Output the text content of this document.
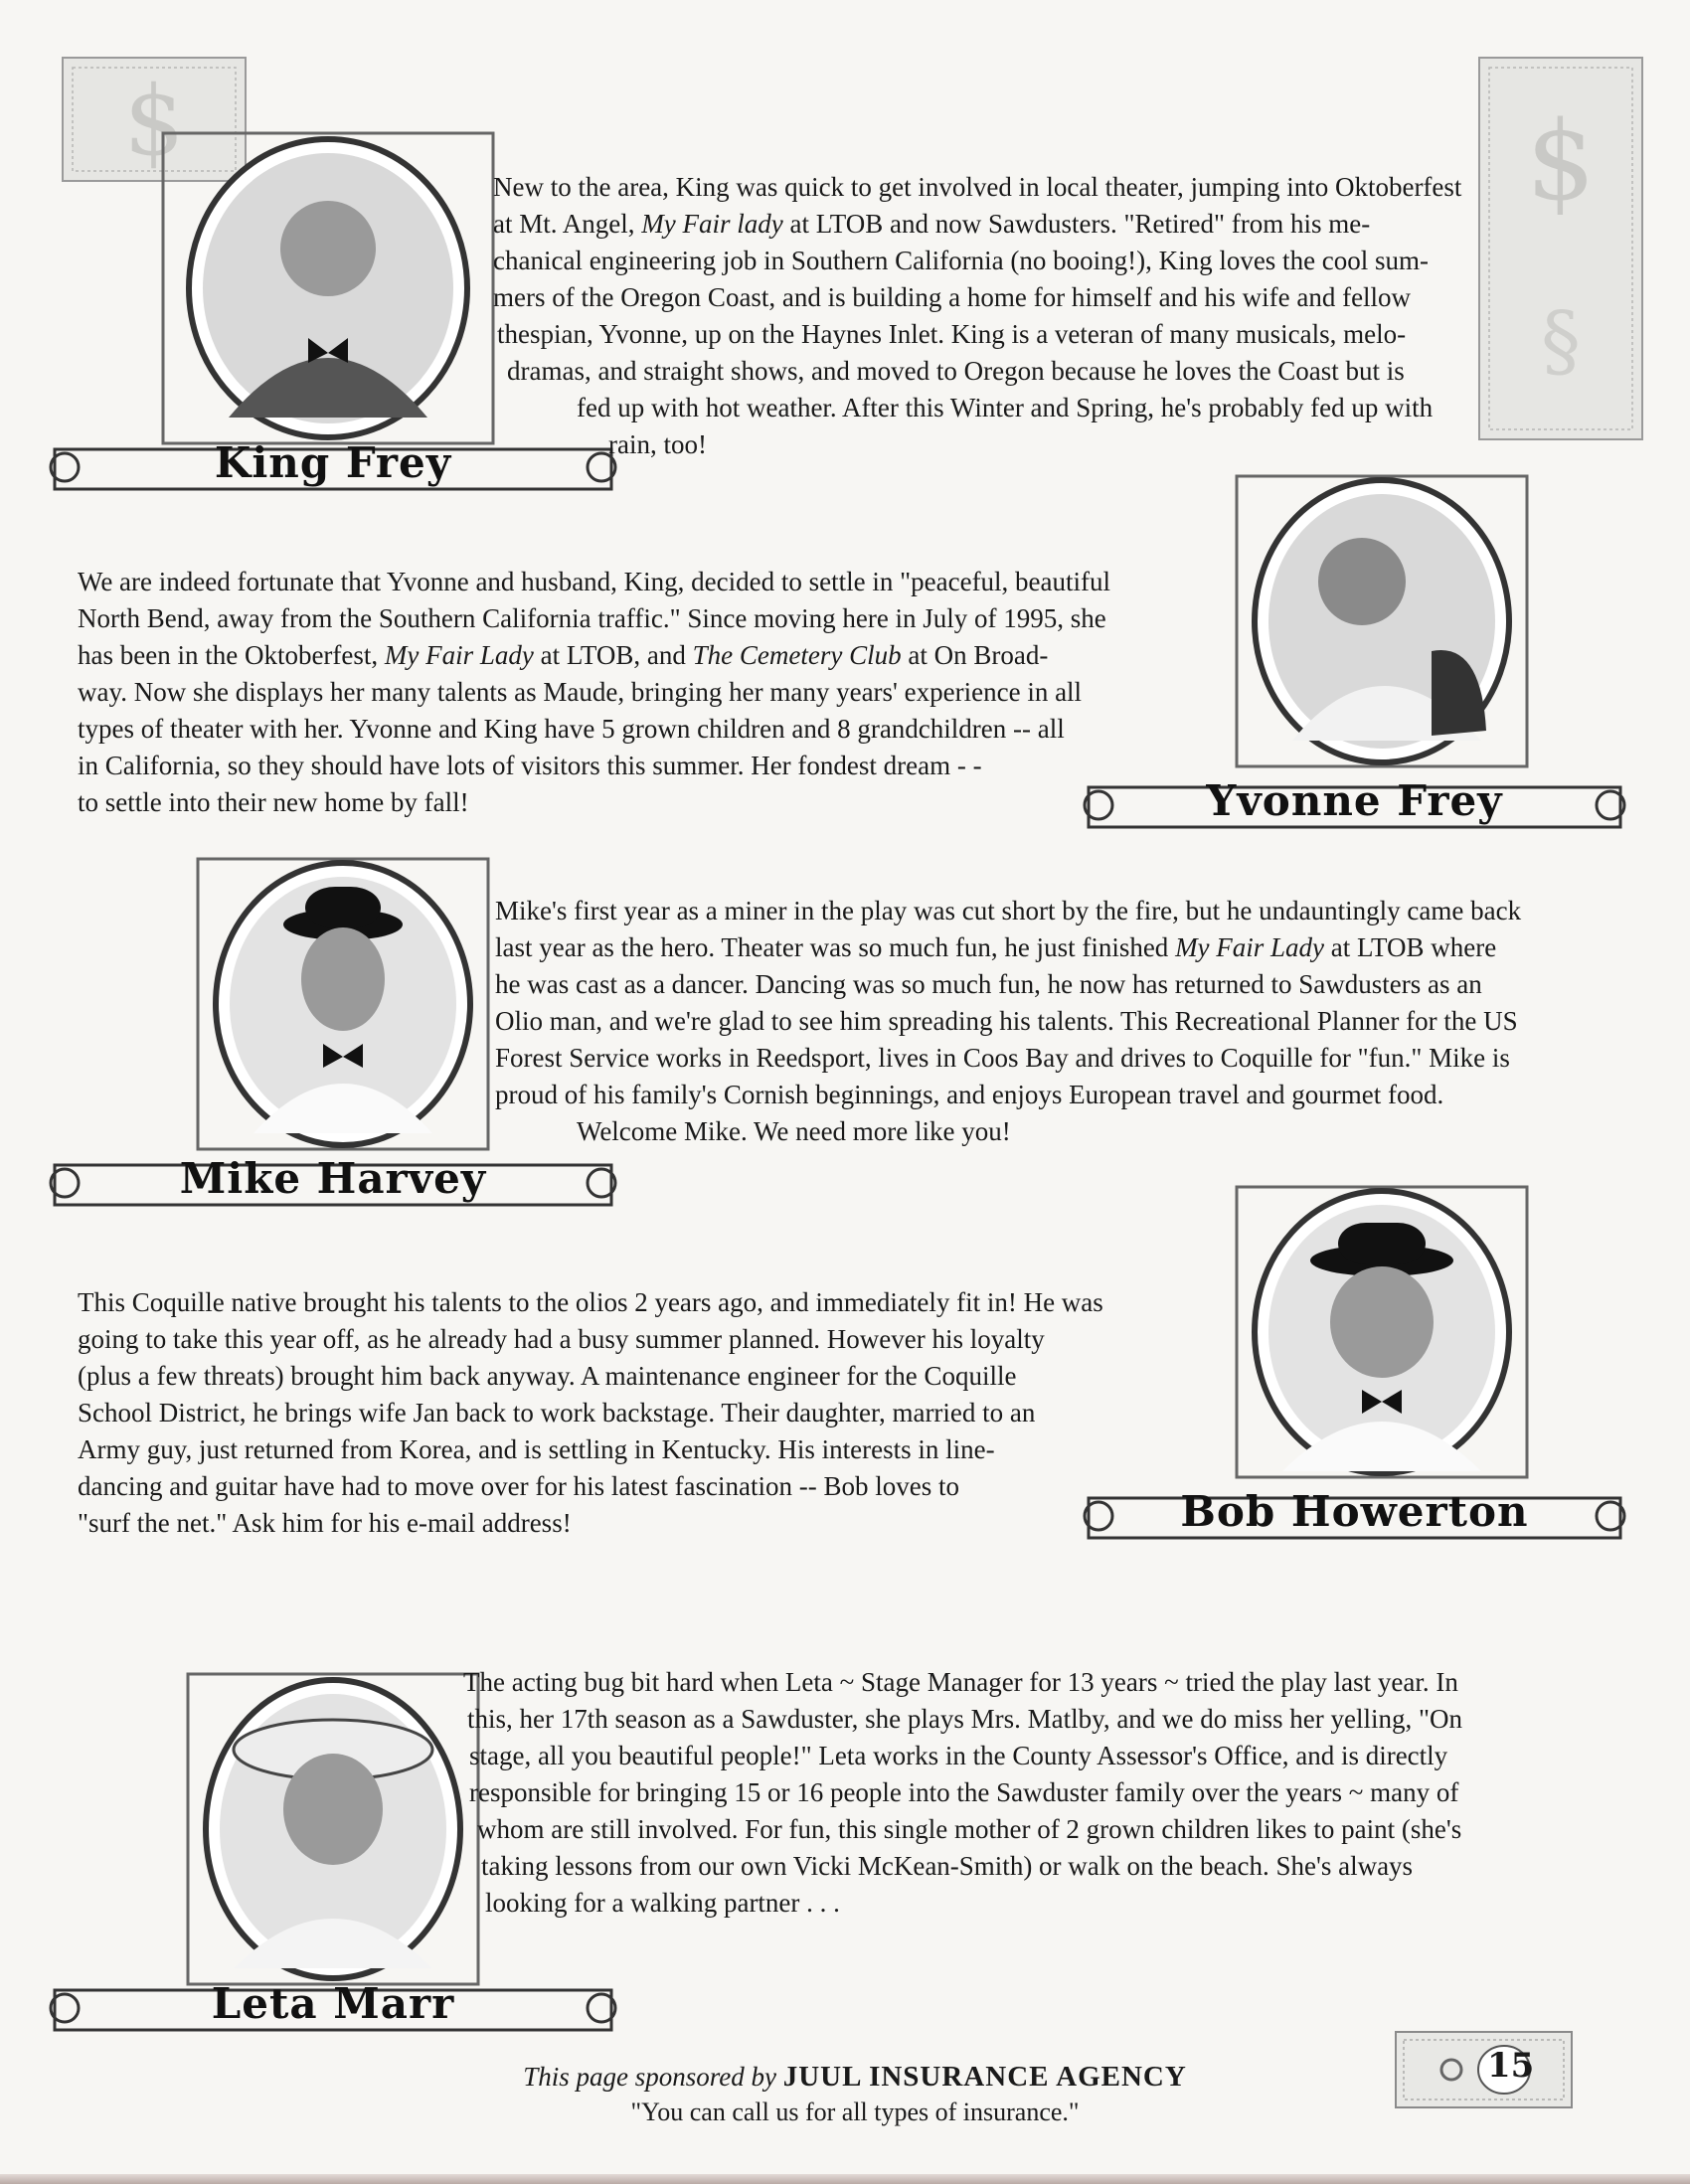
$	$
§
King Frey

New to the area, King was quick to get involved in local theater, jumping into Oktoberfest

at Mt. Angel, My Fair lady at LTOB and now Sawdusters. "Retired" from his me-

chanical engineering job in Southern California (no booing!), King loves the cool sum-

mers of the Oregon Coast, and is building a home for himself and his wife and fellow

thespian, Yvonne, up on the Haynes Inlet. King is a veteran of many musicals, melo-

dramas, and straight shows, and moved to Oregon because he loves the Coast but is

fed up with hot weather. After this Winter and Spring, he's probably fed up with

rain, too!

Yvonne Frey

We are indeed fortunate that Yvonne and husband, King, decided to settle in "peaceful, beautiful

North Bend, away from the Southern California traffic." Since moving here in July of 1995, she

has been in the Oktoberfest, My Fair Lady at LTOB, and The Cemetery Club at On Broad-

way. Now she displays her many talents as Maude, bringing her many years' experience in all

types of theater with her. Yvonne and King have 5 grown children and 8 grandchildren -- all

in California, so they should have lots of visitors this summer. Her fondest dream - -

to settle into their new home by fall!

Mike Harvey

Mike's first year as a miner in the play was cut short by the fire, but he undauntingly came back

last year as the hero. Theater was so much fun, he just finished My Fair Lady at LTOB where

he was cast as a dancer. Dancing was so much fun, he now has returned to Sawdusters as an

Olio man, and we're glad to see him spreading his talents. This Recreational Planner for the US

Forest Service works in Reedsport, lives in Coos Bay and drives to Coquille for "fun." Mike is

proud of his family's Cornish beginnings, and enjoys European travel and gourmet food.

Welcome Mike. We need more like you!

Bob Howerton

This Coquille native brought his talents to the olios 2 years ago, and immediately fit in! He was

going to take this year off, as he already had a busy summer planned. However his loyalty

(plus a few threats) brought him back anyway. A maintenance engineer for the Coquille

School District, he brings wife Jan back to work backstage. Their daughter, married to an

Army guy, just returned from Korea, and is settling in Kentucky. His interests in line-

dancing and guitar have had to move over for his latest fascination -- Bob loves to

"surf the net." Ask him for his e-mail address!

Leta Marr

The acting bug bit hard when Leta ~ Stage Manager for 13 years ~ tried the play last year. In

this, her 17th season as a Sawduster, she plays Mrs. Matlby, and we do miss her yelling, "On

stage, all you beautiful people!" Leta works in the County Assessor's Office, and is directly

responsible for bringing 15 or 16 people into the Sawduster family over the years ~ many of

whom are still involved. For fun, this single mother of 2 grown children likes to paint (she's

taking lessons from our own Vicki McKean-Smith) or walk on the beach. She's always

looking for a walking partner . . .

This page sponsored by JUUL INSURANCE AGENCY
"You can call us for all types of insurance."
15
